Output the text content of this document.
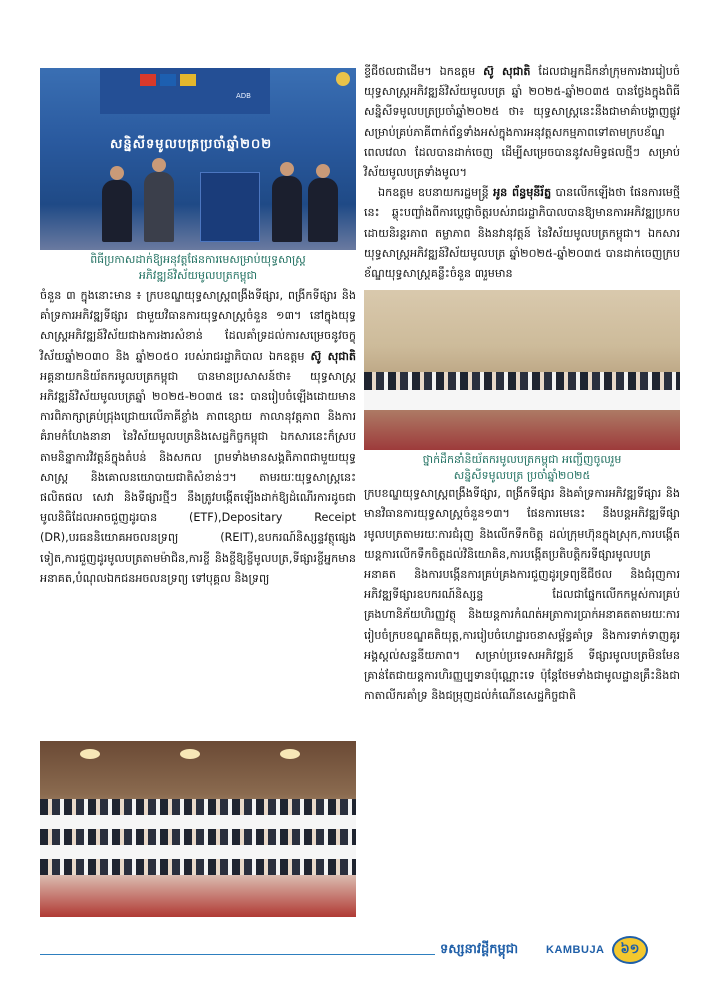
ADB
សន្និសីទមូលបត្រប្រចាំឆ្នាំ២០២
ពិធីប្រកាសដាក់ឱ្យអនុវត្តផែនការមេសម្រាប់យុទ្ធសាស្ត្រ
អភិវឌ្ឍន៍វិស័យមូលបត្រកម្ពុជា
ចំនួន ៣ ក្នុងនោះមាន ៖ ក្របខណ្ឌយុទ្ធសាស្ត្រពង្រឹងទីផ្សារ, ពង្រីកទីផ្សារ និងគាំទ្រការអភិវឌ្ឍទីផ្សារ ជាមួយវិធានការយុទ្ធសាស្ត្រចំនួន ១៣។ នៅក្នុងយុទ្ធសាស្ត្រអភិវឌ្ឍន៍វិស័យជាងការងារសំខាន់ ដែលគាំទ្រដល់ការសម្រេចនូវចក្ខុវិស័យឆ្នាំ២០៣០ និង ឆ្នាំ២០៥០ របស់រាជរដ្ឋាភិបាល ឯកឧត្តម ស៊ូ សុជាតិ អគ្គនាយកនិយ័តករមូលបត្រកម្ពុជា បានមានប្រសាសន៍ថា៖ យុទ្ធសាស្ត្រអភិវឌ្ឍន៍វិស័យមូលបត្រឆ្នាំ ២០២៥-២០៣៥ នេះ បានរៀបចំឡើងដោយមានការពិភាក្សាគ្រប់ជ្រុងជ្រោយលើភាគីខ្លាំង ភាពខ្សោយ កាលានុវត្តភាព និងការគំរាមកំហែងនានា នៃវិស័យមូលបត្រនិងសេដ្ឋកិច្ចកម្ពុជា ឯកសារនេះក៏ស្របតាមនិន្នាការវិវត្តន៍ក្នុងតំបន់ និងសកល ព្រមទាំងមានសង្គតិភាពជាមួយយុទ្ធសាស្ត្រ និងគោលនយោបាយជាតិសំខាន់ៗ។ តាមរយៈយុទ្ធសាស្ត្រនេះ ផលិតផល សេវា និងទីផ្សារថ្មីៗ នឹងត្រូវបង្កើតឡើងដាក់ឱ្យដំណើរការដូចជាមូលនិធិដែលអាចជួញដូរបាន (ETF),Depositary Receipt (DR),បរធននិយោគអចលនទ្រព្យ (REIT),ឧបករណ៍និស្សន្ទវត្ថុផ្សេងទៀត,ការជួញដូរមូលបត្រតាមម៉ាជិន,ការខ្ចី និងខ្ចីឱ្យខ្ចីមូលបត្រ,ទីផ្សារខ្ចីអ្នកមានអនាគត,បំណុលឯកជនអចលនទ្រព្យ ទៅបុគ្គល និងទ្រព្យ
ខ្ទីជីថលជាដើម។ ឯកឧត្តម ស៊ូ សុជាតិ ដែលជាអ្នកដឹកនាំក្រុមការងាររៀបចំយុទ្ធសាស្ត្រអភិវឌ្ឍន៍វិស័យមូលបត្រ ឆ្នាំ ២០២៥-ឆ្នាំ២០៣៥ បានថ្លែងក្នុងពិធីសន្និសីទមូលបត្រប្រចាំឆ្នាំ២០២៥ ថា៖ យុទ្ធសាស្ត្រនេះនឹងជាមាគ៌ាបង្ហាញផ្លូវសម្រាប់គ្រប់ភាគីពាក់ព័ន្ធទាំងអស់ក្នុងការអនុវត្តសកម្មភាពទៅតាមក្របខ័ណ្ឌពេលវេលា ដែលបានដាក់ចេញ ដើម្បីសម្រេចបាននូវសមិទ្ធផលថ្មីៗ សម្រាប់វិស័យមូលបត្រទាំងមូល។
ឯកឧត្តម ឧបនាយករដ្ឋមន្ត្រី អូន ព័ន្ធមុនីរ័ត្ន បានលើកឡើងថា ផែនការមេថ្មីនេះ ឆ្លុះបញ្ចាំងពីការប្តេជ្ញាចិត្តរបស់រាជរដ្ឋាភិបាលបានឱ្យមានការអភិវឌ្ឍប្រកបដោយនិរន្តរភាព តម្លាភាព និងនវានុវត្តន៍ នៃវិស័យមូលបត្រកម្ពុជា។ ឯកសារយុទ្ធសាស្ត្រអភិវឌ្ឍន៍វិស័យមូលបត្រ ឆ្នាំ២០២៥-ឆ្នាំ២០៣៥ បានដាក់ចេញក្របខ័ណ្ឌយុទ្ធសាស្ត្រគន្លឹះចំនួន ៣រួមមាន
ថ្នាក់ដឹកនាំនិយ័តករមូលបត្រកម្ពុជា អញ្ជើញចូលរួម
សន្និសីទមូលបត្រ ប្រចាំឆ្នាំ២០២៥
ក្របខណ្ឌយុទ្ធសាស្ត្រពង្រឹងទីផ្សារ, ពង្រីកទីផ្សារ និងគាំទ្រការអភិវឌ្ឍទីផ្សារ និងមានវិធានការយុទ្ធសាស្ត្រចំនួន១៣។ ផែនការមេនេះ នឹងបន្តអភិវឌ្ឍទីផ្សារមូលបត្រតាមរយៈការជំរុញ និងលើកទឹកចិត្ត ដល់ក្រុមហ៊ុនក្នុងស្រុក,ការបង្កើតយន្តការលើកទឹកចិត្តដល់វិនិយោគិន,ការបង្កើតប្រតិបត្តិករទីផ្សារមូលបត្រអនាគត និងការបង្កើនការគ្រប់គ្រងការជួញដូរទ្រព្យឌីជីថល និងជំរុញការអភិវឌ្ឍទីផ្សារឧបករណ៍និស្សន្ទ ដែលជាផ្នែកលើកកម្ពស់ការគ្រប់គ្រងហានិភ័យហិរញ្ញវត្ថុ និងយន្តការកំណត់អត្រាការប្រាក់អនាគតតាមរយៈការរៀបចំក្របខណ្ឌគតិយុត្ត,ការរៀបចំហេដ្ឋារចនាសម្ព័ន្ធគាំទ្រ និងការទាក់ទាញគូរអង្គស្ដល់សន្ទនីយភាព។ សម្រាប់ប្រទេសអភិវឌ្ឍន៍ ទីផ្សារមូលបត្រមិនមែនគ្រាន់តែជាយន្តការហិរញ្ញប្បទានប៉ុណ្ណោះទេ ប៉ុន្តែថែមទាំងជាមូលដ្ឋានគ្រឹះនិងជាកាតាលីករគាំទ្រ និងជម្រុញដល់កំណើនសេដ្ឋកិច្ចជាតិ
ទស្សនាវដ្ដីកម្ពុជា	KAMBUJA	៦១
